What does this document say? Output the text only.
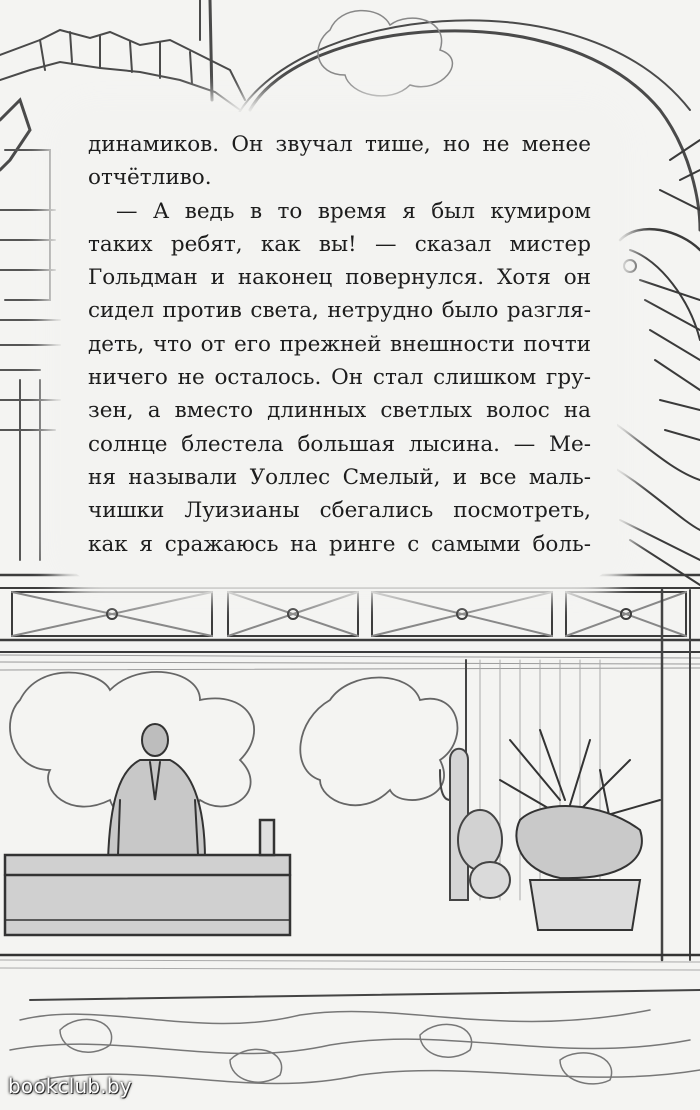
динамиков. Он звучал тише, но не менее
отчётливо.
— А ведь в то время я был кумиром
таких ребят, как вы! — сказал мистер
Гольдман и наконец повернулся. Хотя он
сидел против света, нетрудно было разгля-
деть, что от его прежней внешности почти
ничего не осталось. Он стал слишком гру-
зен, а вместо длинных светлых волос на
солнце блестела большая лысина. — Ме-
ня называли Уоллес Смелый, и все маль-
чишки Луизианы сбегались посмотреть,
как я сражаюсь на ринге с самыми боль-
bookclub.by
